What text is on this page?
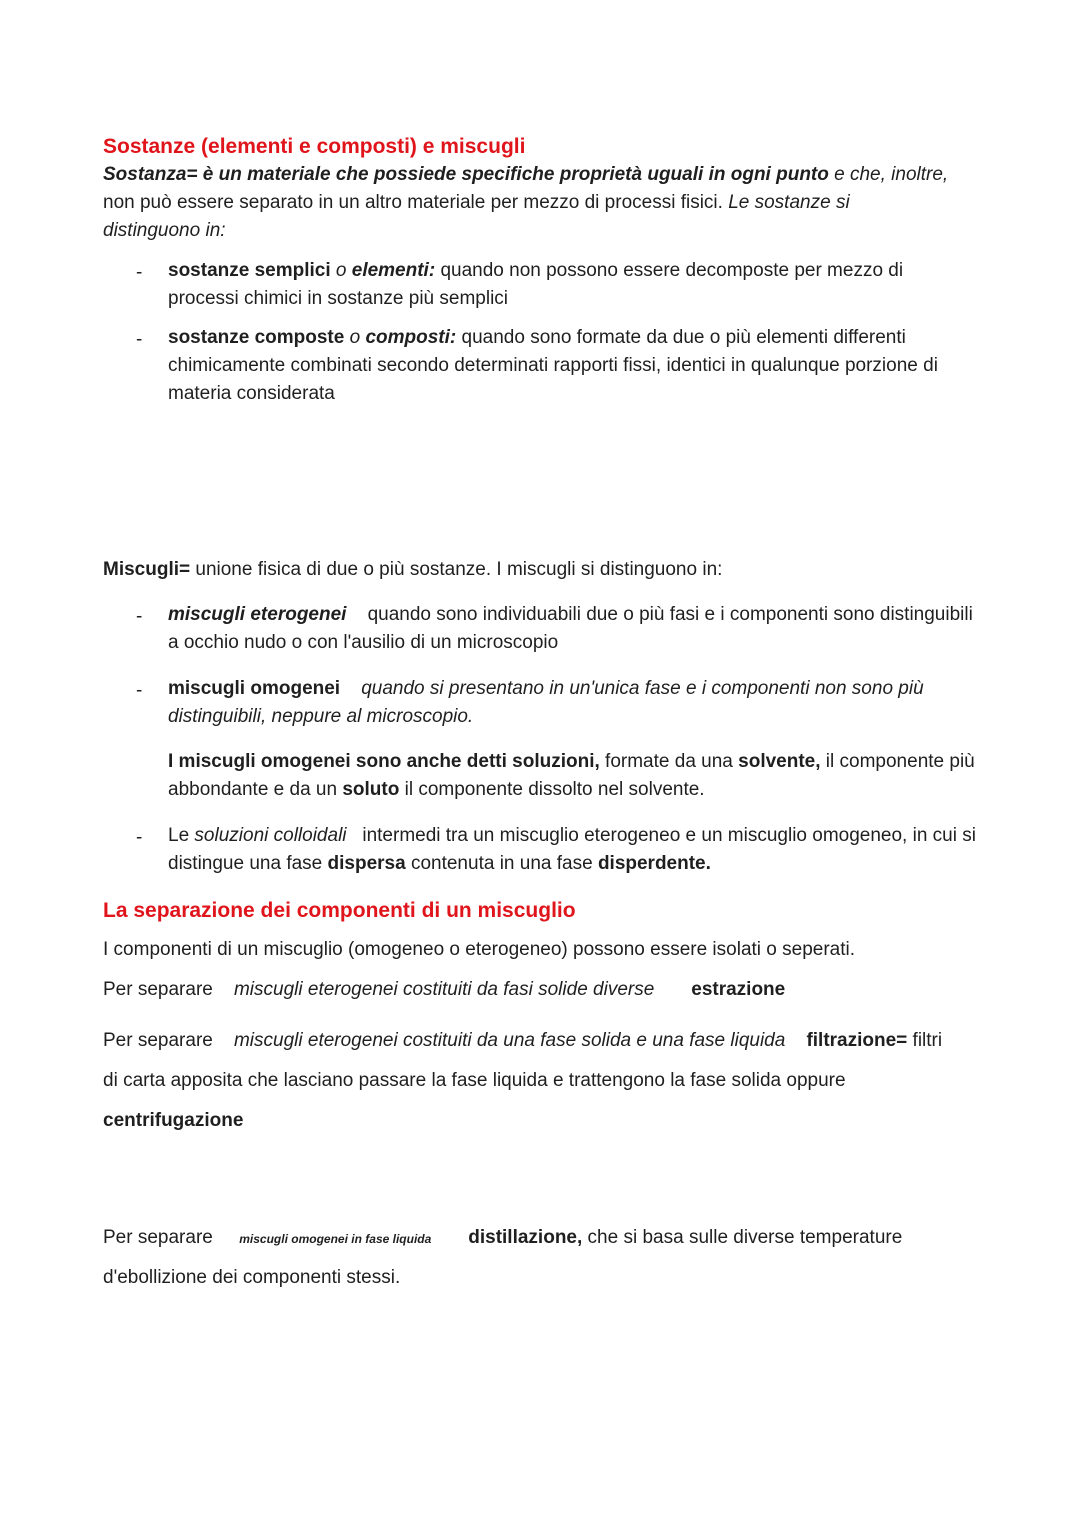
Sostanze (elementi e composti) e miscugli
Sostanza= è un materiale che possiede specifiche proprietà uguali in ogni punto e che, inoltre,
non può essere separato in un altro materiale per mezzo di processi fisici. Le sostanze si
distinguono in:
-	sostanze semplici o elementi: quando non possono essere decomposte per mezzo di processi chimici in sostanze più semplici
-	sostanze composte o composti: quando sono formate da due o più elementi differenti chimicamente combinati secondo determinati rapporti fissi, identici in qualunque porzione di materia considerata
Miscugli= unione fisica di due o più sostanze. I miscugli si distinguono in:
-	miscugli eterogenei quando sono individuabili due o più fasi e i componenti sono distinguibili a occhio nudo o con l'ausilio di un microscopio
-	miscugli omogenei quando si presentano in un'unica fase e i componenti non sono più distinguibili, neppure al microscopio.
I miscugli omogenei sono anche detti soluzioni, formate da una solvente, il componente più abbondante e da un soluto il componente dissolto nel solvente.
-	Le soluzioni colloidali intermedi tra un miscuglio eterogeneo e un miscuglio omogeneo, in cui si distingue una fase dispersa contenuta in una fase disperdente.
La separazione dei componenti di un miscuglio
I componenti di un miscuglio (omogeneo o eterogeneo) possono essere isolati o seperati.
Per separare miscugli eterogenei costituiti da fasi solide diverse estrazione
Per separare miscugli eterogenei costituiti da una fase solida e una fase liquida filtrazione= filtri
di carta apposita che lasciano passare la fase liquida e trattengono la fase solida oppure
centrifugazione
Per separare miscugli omogenei in fase liquida distillazione, che si basa sulle diverse temperature
d'ebollizione dei componenti stessi.
